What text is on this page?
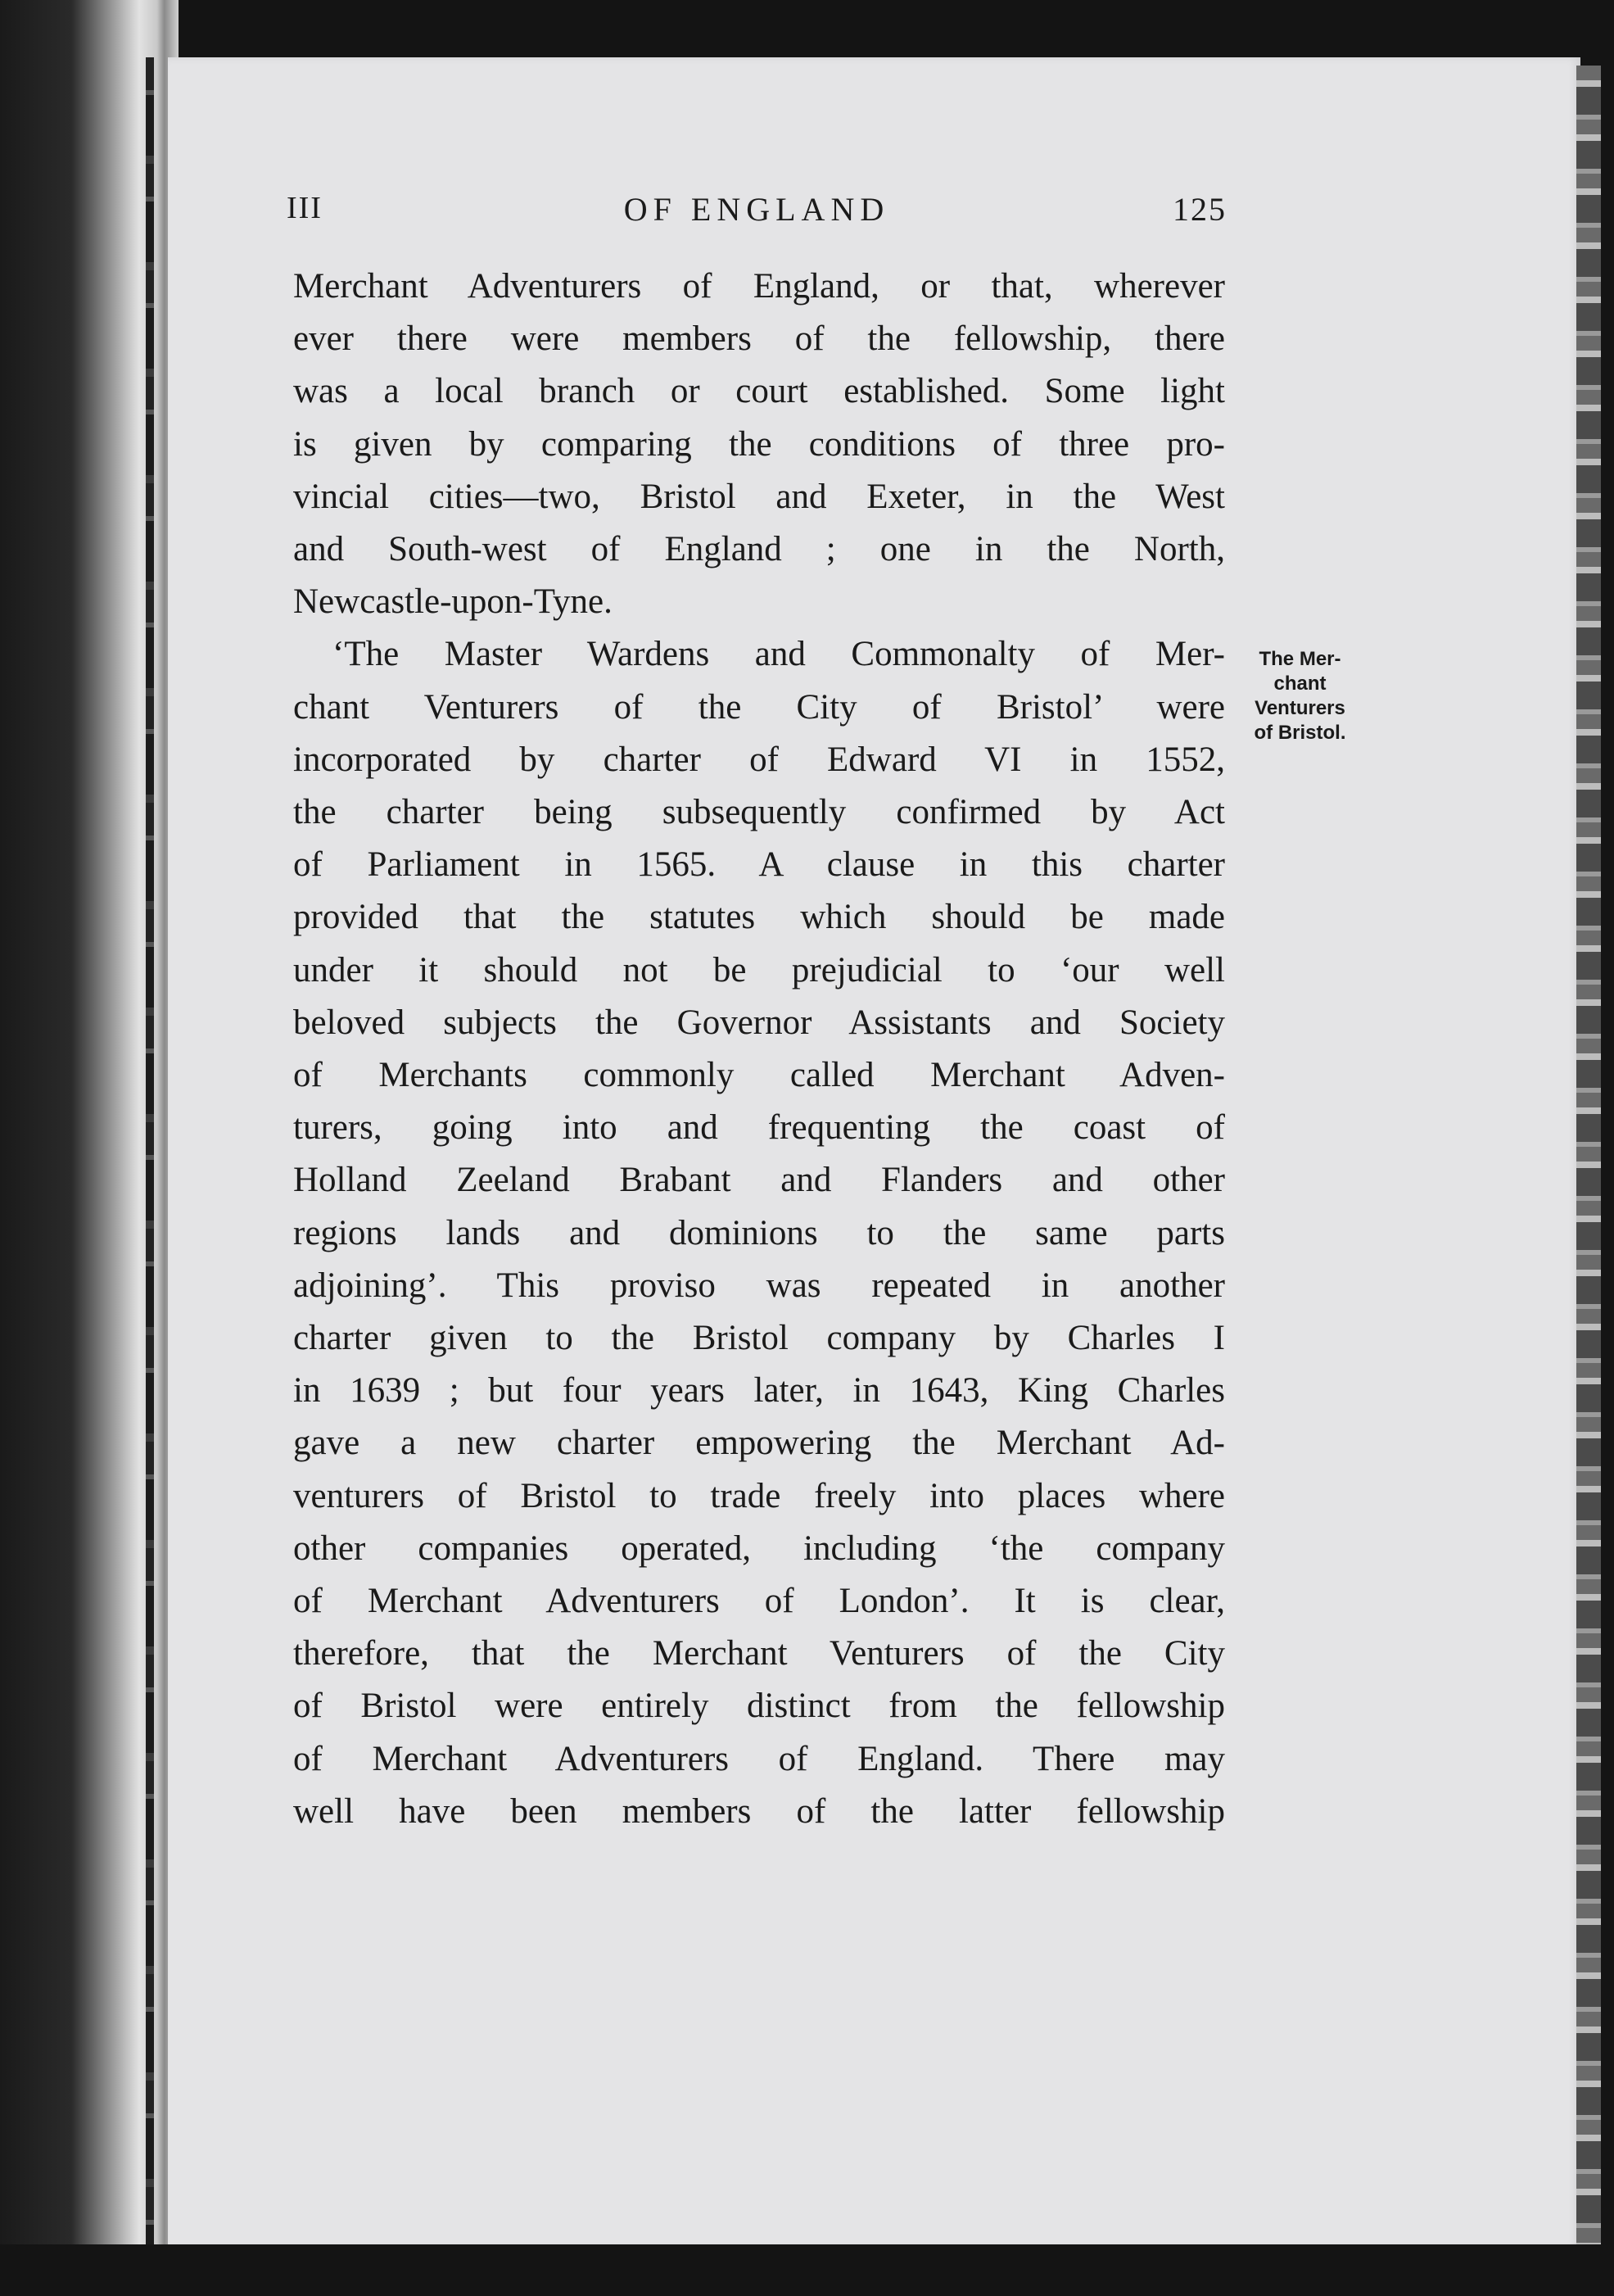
III	OF ENGLAND	125
Merchant Adventurers of England, or that, wherever
ever there were members of the fellowship, there
was a local branch or court established. Some light
is given by comparing the conditions of three pro-
vincial cities—two, Bristol and Exeter, in the West
and South-west of England ; one in the North,
Newcastle-upon-Tyne.
‘The Master Wardens and Commonalty of Mer-
chant Venturers of the City of Bristol’ were
incorporated by charter of Edward VI in 1552,
the charter being subsequently confirmed by Act
of Parliament in 1565. A clause in this charter
provided that the statutes which should be made
under it should not be prejudicial to ‘our well
beloved subjects the Governor Assistants and Society
of Merchants commonly called Merchant Adven-
turers, going into and frequenting the coast of
Holland Zeeland Brabant and Flanders and other
regions lands and dominions to the same parts
adjoining’. This proviso was repeated in another
charter given to the Bristol company by Charles I
in 1639 ; but four years later, in 1643, King Charles
gave a new charter empowering the Merchant Ad-
venturers of Bristol to trade freely into places where
other companies operated, including ‘the company
of Merchant Adventurers of London’. It is clear,
therefore, that the Merchant Venturers of the City
of Bristol were entirely distinct from the fellowship
of Merchant Adventurers of England. There may
well have been members of the latter fellowship
The Mer-
chant
Venturers
of Bristol.
